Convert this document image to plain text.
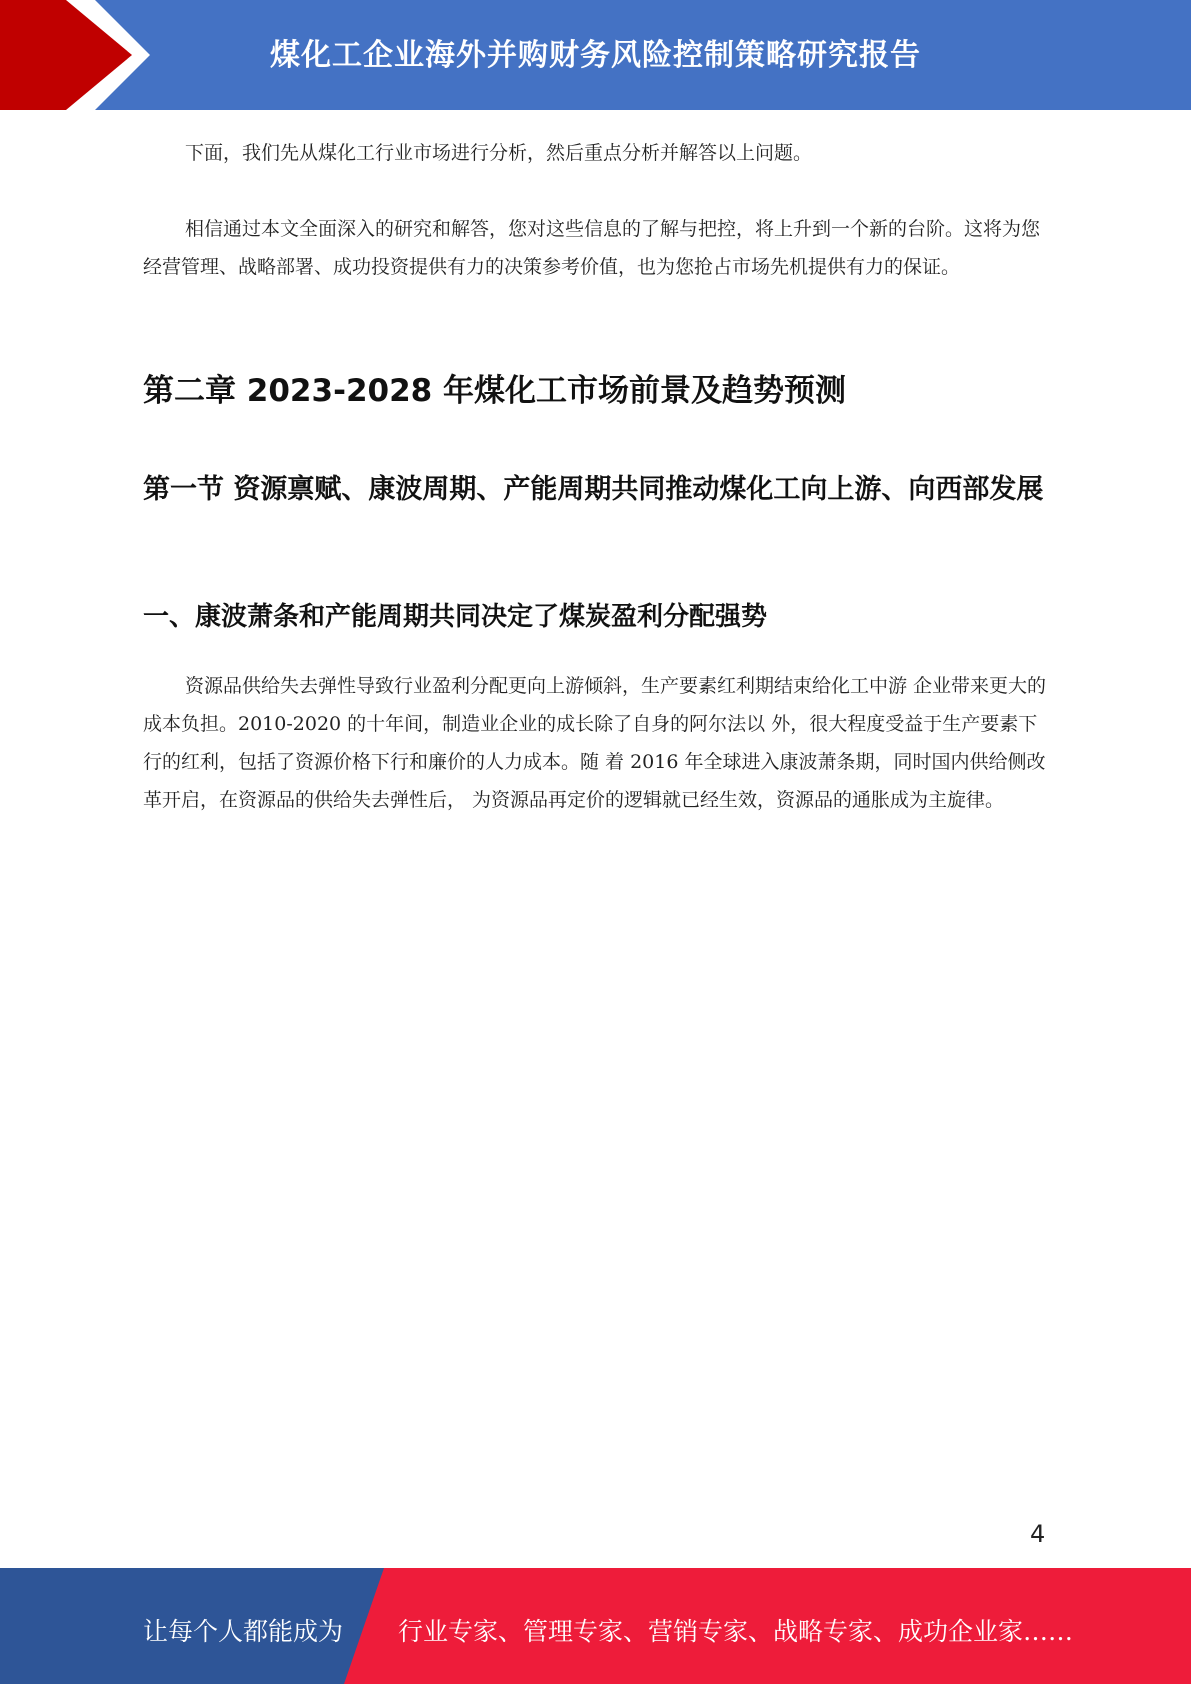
煤化工企业海外并购财务风险控制策略研究报告

下面，我们先从煤化工行业市场进行分析，然后重点分析并解答以上问题。

相信通过本文全面深入的研究和解答，您对这些信息的了解与把控，将上升到一个新的台阶。这将为您经营管理、战略部署、成功投资提供有力的决策参考价值，也为您抢占市场先机提供有力的保证。

第二章 2023-2028 年煤化工市场前景及趋势预测
第一节 资源禀赋、康波周期、产能周期共同推动煤化工向上游、向西部发展
一、康波萧条和产能周期共同决定了煤炭盈利分配强势

资源品供给失去弹性导致行业盈利分配更向上游倾斜，生产要素红利期结束给化工中游 企业带来更大的成本负担。2010-2020 的十年间，制造业企业的成长除了自身的阿尔法以 外，很大程度受益于生产要素下行的红利，包括了资源价格下行和廉价的人力成本。随 着 2016 年全球进入康波萧条期，同时国内供给侧改革开启，在资源品的供给失去弹性后， 为资源品再定价的逻辑就已经生效，资源品的通胀成为主旋律。

4
让每个人都能成为 行业专家、管理专家、营销专家、战略专家、成功企业家……
